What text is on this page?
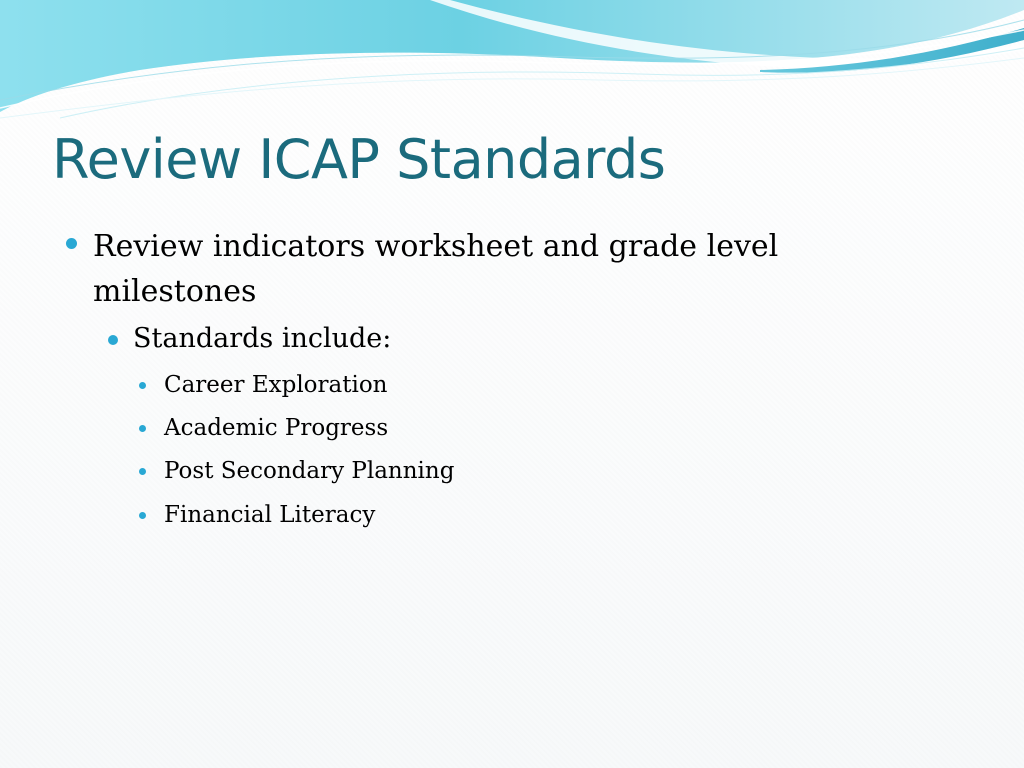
Review ICAP Standards
Review indicators worksheet and grade level milestones
Standards include:
Career Exploration
Academic Progress
Post Secondary Planning
Financial Literacy
